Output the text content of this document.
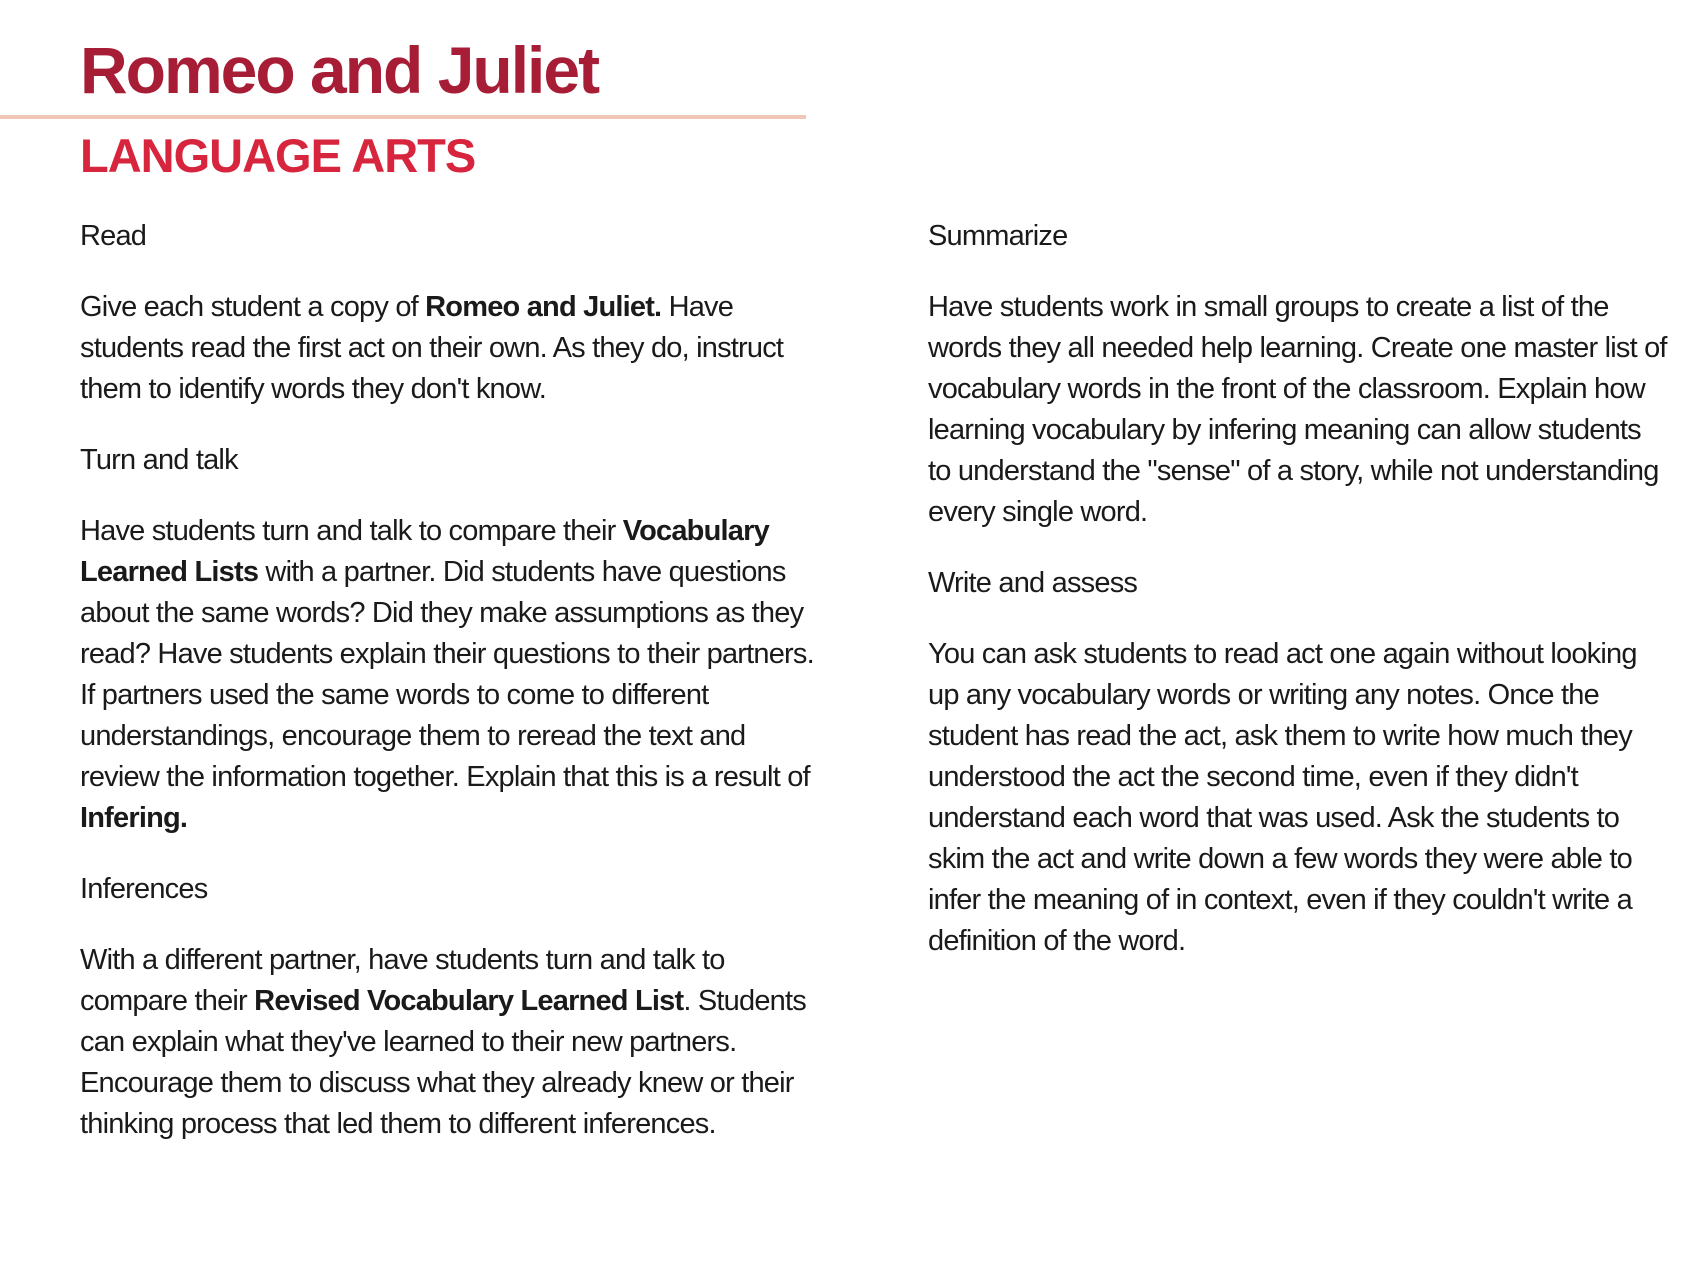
Romeo and Juliet
LANGUAGE ARTS

Read

Give each student a copy of Romeo and Juliet. Have students read the first act on their own. As they do, instruct them to identify words they don't know.

Turn and talk

Have students turn and talk to compare their Vocabulary Learned Lists with a partner. Did students have questions about the same words? Did they make assumptions as they read? Have students explain their questions to their partners. If partners used the same words to come to different understandings, encourage them to reread the text and review the information together. Explain that this is a result of Infering.

Inferences

With a different partner, have students turn and talk to compare their Revised Vocabulary Learned List. Students can explain what they've learned to their new partners. Encourage them to discuss what they already knew or their thinking process that led them to different inferences.

Summarize

Have students work in small groups to create a list of the words they all needed help learning. Create one master list of vocabulary words in the front of the classroom. Explain how learning vocabulary by infering meaning can allow students to understand the "sense" of a story, while not understanding every single word.

Write and assess

You can ask students to read act one again without looking up any vocabulary words or writing any notes. Once the student has read the act, ask them to write how much they understood the act the second time, even if they didn't understand each word that was used. Ask the students to skim the act and write down a few words they were able to infer the meaning of in context, even if they couldn't write a definition of the word.
